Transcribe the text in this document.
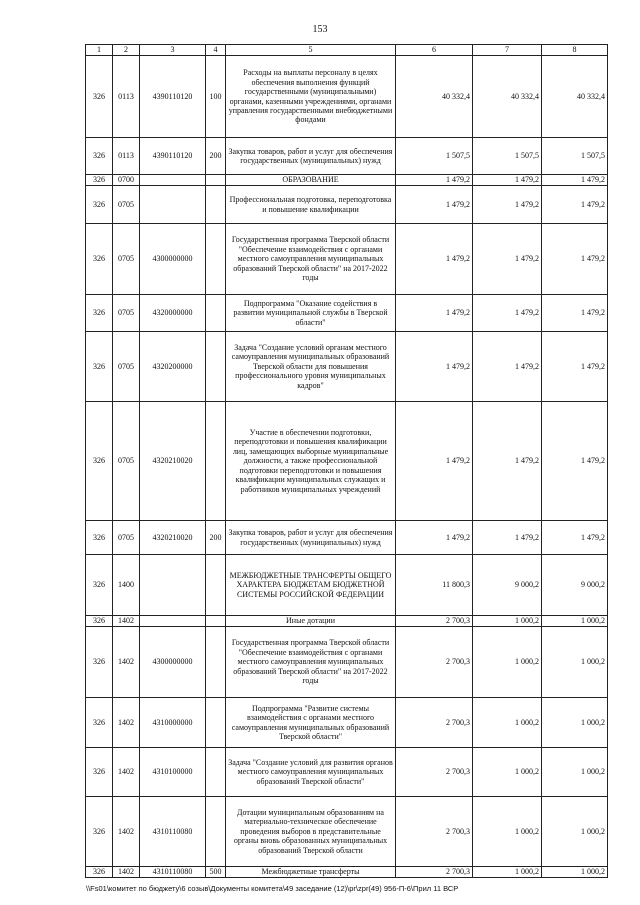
153
1	2	3	4	5	6	7	8
326	0113	4390110120	100	Расходы на выплаты персоналу в целях обеспечения выполнения функций государственными (муниципальными) органами, казенными учреждениями, органами управления государственными внебюджетными фондами	40 332,4	40 332,4	40 332,4
326	0113	4390110120	200	Закупка товаров, работ и услуг для обеспечения государственных (муниципальных) нужд	1 507,5	1 507,5	1 507,5
326	0700			ОБРАЗОВАНИЕ	1 479,2	1 479,2	1 479,2
326	0705			Профессиональная подготовка, переподготовка и повышение квалификации	1 479,2	1 479,2	1 479,2
326	0705	4300000000		Государственная программа Тверской области "Обеспечение взаимодействия с органами местного самоуправления муниципальных образований Тверской области" на 2017-2022 годы	1 479,2	1 479,2	1 479,2
326	0705	4320000000		Подпрограмма "Оказание содействия в развитии муниципальной службы в Тверской области"	1 479,2	1 479,2	1 479,2
326	0705	4320200000		Задача "Создание условий органам местного самоуправления муниципальных образований Тверской области для повышения профессионального уровня муниципальных кадров"	1 479,2	1 479,2	1 479,2
326	0705	4320210020		Участие в обеспечении подготовки, переподготовки и повышения квалификации лиц, замещающих выборные муниципальные должности, а также профессиональной подготовки переподготовки и повышения квалификации муниципальных служащих и работников муниципальных учреждений	1 479,2	1 479,2	1 479,2
326	0705	4320210020	200	Закупка товаров, работ и услуг для обеспечения государственных (муниципальных) нужд	1 479,2	1 479,2	1 479,2
326	1400			МЕЖБЮДЖЕТНЫЕ ТРАНСФЕРТЫ ОБЩЕГО ХАРАКТЕРА БЮДЖЕТАМ БЮДЖЕТНОЙ СИСТЕМЫ РОССИЙСКОЙ ФЕДЕРАЦИИ	11 800,3	9 000,2	9 000,2
326	1402			Иные дотации	2 700,3	1 000,2	1 000,2
326	1402	4300000000		Государственная программа Тверской области "Обеспечение взаимодействия с органами местного самоуправления муниципальных образований Тверской области" на 2017-2022 годы	2 700,3	1 000,2	1 000,2
326	1402	4310000000		Подпрограмма "Развитие системы взаимодействия с органами местного самоуправления муниципальных образований Тверской области"	2 700,3	1 000,2	1 000,2
326	1402	4310100000		Задача "Создание условий для развития органов местного самоуправления муниципальных образований Тверской области"	2 700,3	1 000,2	1 000,2
326	1402	4310110080		Дотации муниципальным образованиям на материально-техническое обеспечение проведения выборов в представительные органы вновь образованных муниципальных образований Тверской области	2 700,3	1 000,2	1 000,2
326	1402	4310110080	500	Межбюджетные трансферты	2 700,3	1 000,2	1 000,2
\\Fs01\комитет по бюджету\6 созыв\Документы комитета\49 заседание (12)\pr\zpr(49) 956-П-6\Прил 11 ВСР
